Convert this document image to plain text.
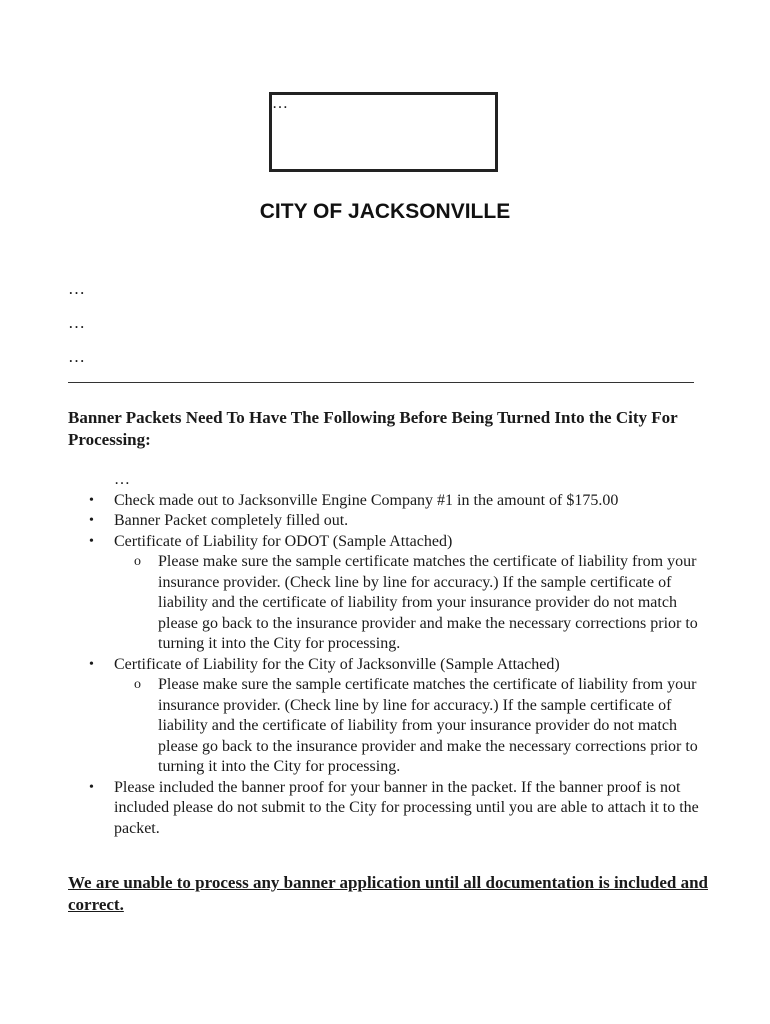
…
CITY OF JACKSONVILLE
…
…
…
Banner Packets Need To Have The Following Before Being Turned Into the City For Processing:
…
• Check made out to Jacksonville Engine Company #1 in the amount of $175.00
• Banner Packet completely filled out.
• Certificate of Liability for ODOT (Sample Attached)
o Please make sure the sample certificate matches the certificate of liability from your insurance provider. (Check line by line for accuracy.) If the sample certificate of liability and the certificate of liability from your insurance provider do not match please go back to the insurance provider and make the necessary corrections prior to turning it into the City for processing.
• Certificate of Liability for the City of Jacksonville (Sample Attached)
o Please make sure the sample certificate matches the certificate of liability from your insurance provider. (Check line by line for accuracy.) If the sample certificate of liability and the certificate of liability from your insurance provider do not match please go back to the insurance provider and make the necessary corrections prior to turning it into the City for processing.
• Please included the banner proof for your banner in the packet. If the banner proof is not included please do not submit to the City for processing until you are able to attach it to the packet.
We are unable to process any banner application until all documentation is included and correct.
